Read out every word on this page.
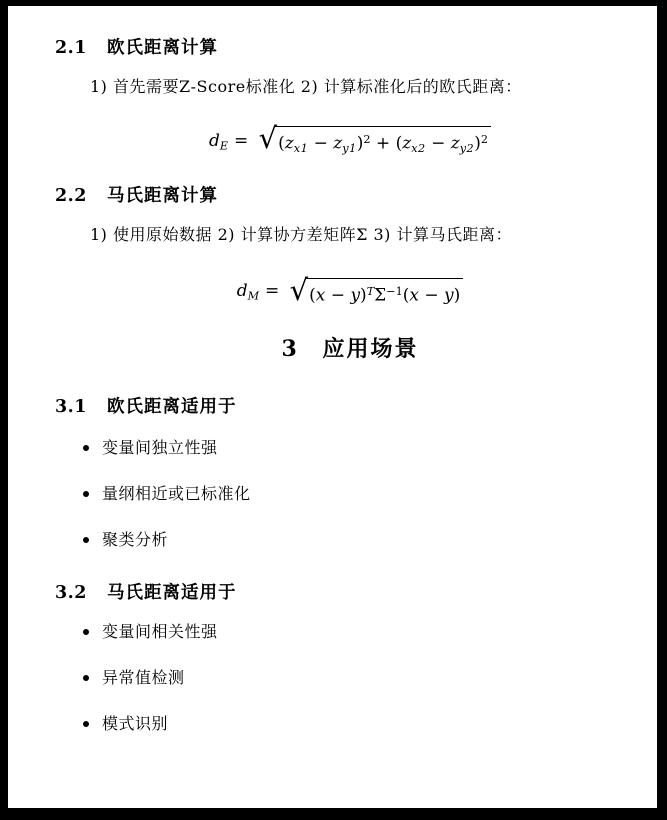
2.1 欧氏距离计算

1) 首先需要Z-Score标准化 2) 计算标准化后的欧氏距离：

dE = √ $(zx1 - zy1)^2 + (zx2 - zy2)^2$
2.2 马氏距离计算

1) 使用原始数据 2) 计算协方差矩阵Σ 3) 计算马氏距离：

dM = √ $(x - y)^T\Sigma^{-1}(x - y)$
3 应用场景
3.1 欧氏距离适用于
变量间独立性强
量纲相近或已标准化
聚类分析
3.2 马氏距离适用于
变量间相关性强
异常值检测
模式识别
